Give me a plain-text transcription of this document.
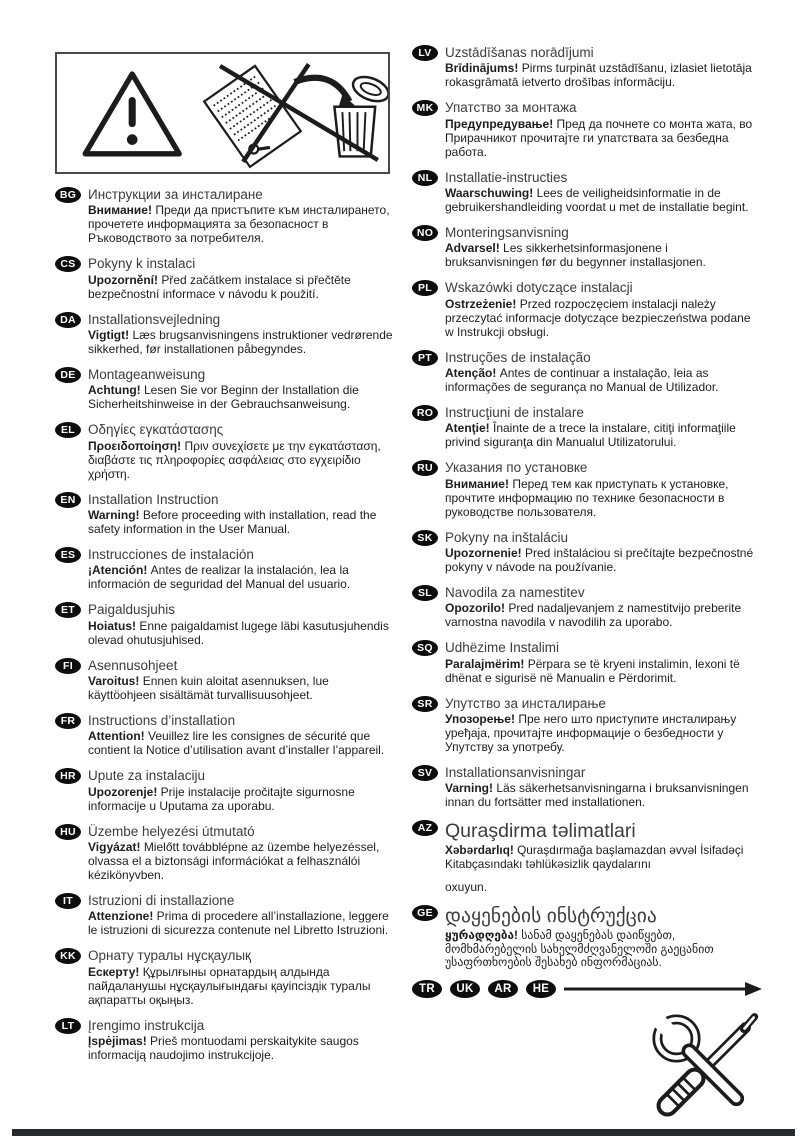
BG Инструкции за инсталиране
Внимание! Преди да пристъпите към инсталирането, прочетете информацията за безопасност в Ръководството за потребителя.
CS Pokyny k instalaci
Upozornění! Před začátkem instalace si přečtěte bezpečnostní informace v návodu k použití.
DA Installationsvejledning
Vigtigt! Læs brugsanvisningens instruktioner vedrørende sikkerhed, før installationen påbegyndes.
DE Montageanweisung
Achtung! Lesen Sie vor Beginn der Installation die Sicherheitshinweise in der Gebrauchsanweisung.
EL Οδηγίες εγκατάστασης
Προειδοποίηση! Πριν συνεχίσετε με την εγκατάσταση, διαβάστε τις πληροφορίες ασφάλειας στο εγχειρίδιο χρήστη.
EN Installation Instruction
Warning! Before proceeding with installation, read the safety information in the User Manual.
ES Instrucciones de instalación
¡Atención! Antes de realizar la instalación, lea la información de seguridad del Manual del usuario.
ET Paigaldusjuhis
Hoiatus! Enne paigaldamist lugege läbi kasutusjuhendis olevad ohutusjuhised.
FI	Asennusohjeet
Varoitus! Ennen kuin aloitat asennuksen, lue käyttöohjeen sisältämät turvallisuusohjeet.
FR Instructions d’installation
Attention! Veuillez lire les consignes de sécurité que contient la Notice d’utilisation avant d’installer l’appareil.
HR Upute za instalaciju
Upozorenje! Prije instalacije pročitajte sigurnosne informacije u Uputama za uporabu.
HU Üzembe helyezési útmutató
Vigyázat! Mielőtt továbblépne az üzembe helyezéssel, olvassa el a biztonsági információkat a felhasználói kézikönyvben.
IT	Istruzioni di installazione
Attenzione! Prima di procedere all’installazione, leggere le istruzioni di sicurezza contenute nel Libretto Istruzioni.
KK Орнату туралы нұсқаулық
Ескерту! Құрылғыны орнатардың алдында пайдаланушы нұсқаулығындағы қауіпсіздік туралы ақпаратты оқыңыз.
LT	Įrengimo instrukcija
Įspėjimas! Prieš montuodami perskaitykite saugos informaciją naudojimo instrukcijoje.
LV Uzstādīšanas norādījumi
Brīdinājums! Pirms turpināt uzstādīšanu, izlasiet lietotāja rokasgrāmatā ietverto drošības informāciju.
MK Упатство за монтажа
Предупредување! Пред да почнете со монта жата, во Прирачникот прочитајте ги упатствата за безбедна работа.
NL Installatie-instructies
Waarschuwing! Lees de veiligheidsinformatie in de gebruikershandleiding voordat u met de installatie begint.
NO Monteringsanvisning
Advarsel! Les sikkerhetsinformasjonene i bruksanvisningen før du begynner installasjonen.
PL Wskazówki dotyczące instalacji
Ostrzeżenie! Przed rozpoczęciem instalacji należy przeczytać informacje dotyczące bezpieczeństwa podane w Instrukcji obsługi.
PT Instruções de instalação
Atenção! Antes de continuar a instalação, leia as informações de segurança no Manual de Utilizador.
RO Instrucţiuni de instalare
Atenţie! Înainte de a trece la instalare, citiţi informaţiile privind siguranţa din Manualul Utilizatorului.
RU Указания по установке
Внимание! Перед тем как приступать к установке, прочтите информацию по технике безопасности в руководстве пользователя.
SK Pokyny na inštaláciu
Upozornenie! Pred inštaláciou si prečítajte bezpečnostné pokyny v návode na používanie.
SL Navodila za namestitev
Opozorilo! Pred nadaljevanjem z namestitvijo preberite varnostna navodila v navodilih za uporabo.
SQ Udhëzime Instalimi
Paralajmërim! Përpara se të kryeni instalimin, lexoni të dhënat e sigurisë në Manualin e Përdorimit.
SR Упутство за инсталирање
Упозорење! Пре него што приступите инсталирању уређаја, прочитајте информације о безбедности у Упутству за употребу.
SV Installationsanvisningar
Varning! Läs säkerhetsanvisningarna i bruksanvisningen innan du fortsätter med installationen.
AZ Quraşdirma təlimatlari
Xəbərdarlıq! Quraşdırmağa başlamazdan əvvəl İsifadəçi Kitabçasındakı təhlükəsizlik qaydalarını
oxuyun.
GE დაყენების ინსტრუქცია
ყურადღება! სანამ დაყენებას დაიწყებთ, მომხმარებელის სახელმძღვანელოში გაეცანით უსაფრთხოების შესახებ ინფორმაციას.
TR	UK	AR	HE
